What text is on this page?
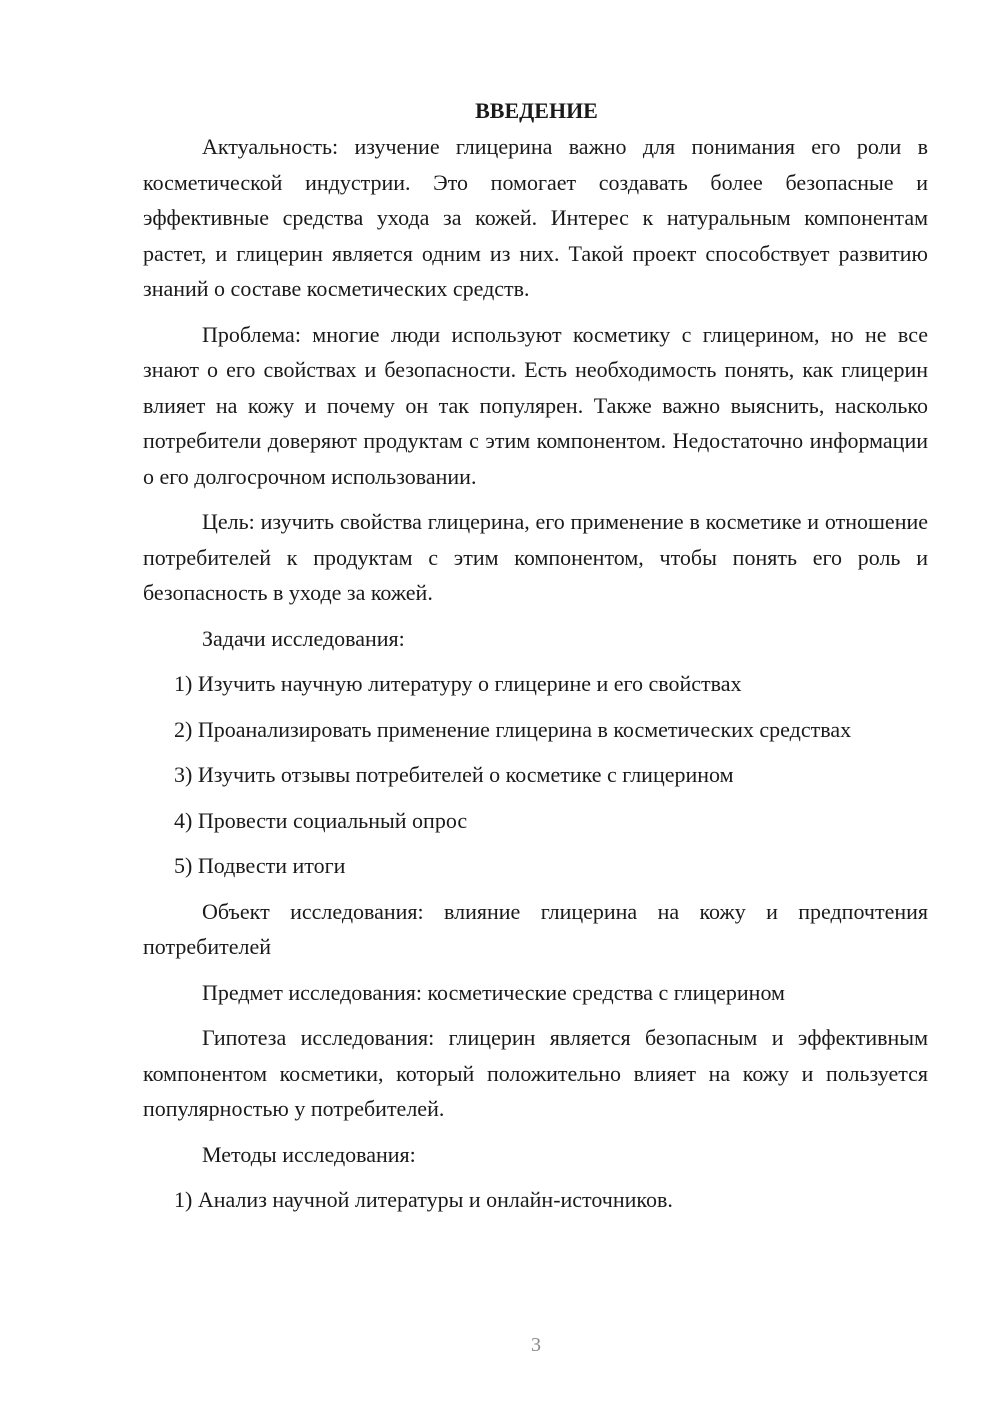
ВВЕДЕНИЕ

Актуальность: изучение глицерина важно для понимания его роли в косметической индустрии. Это помогает создавать более безопасные и эффективные средства ухода за кожей. Интерес к натуральным компонентам растет, и глицерин является одним из них. Такой проект способствует развитию знаний о составе косметических средств.

Проблема: многие люди используют косметику с глицерином, но не все знают о его свойствах и безопасности. Есть необходимость понять, как глицерин влияет на кожу и почему он так популярен. Также важно выяснить, насколько потребители доверяют продуктам с этим компонентом. Недостаточно информации о его долгосрочном использовании.

Цель: изучить свойства глицерина, его применение в косметике и отношение потребителей к продуктам с этим компонентом, чтобы понять его роль и безопасность в уходе за кожей.

Задачи исследования:

1) Изучить научную литературу о глицерине и его свойствах

2) Проанализировать применение глицерина в косметических средствах

3) Изучить отзывы потребителей о косметике с глицерином

4) Провести социальный опрос

5) Подвести итоги

Объект исследования: влияние глицерина на кожу и предпочтения потребителей

Предмет исследования: косметические средства с глицерином

Гипотеза исследования: глицерин является безопасным и эффективным компонентом косметики, который положительно влияет на кожу и пользуется популярностью у потребителей.

Методы исследования:

1) Анализ научной литературы и онлайн-источников.

3
